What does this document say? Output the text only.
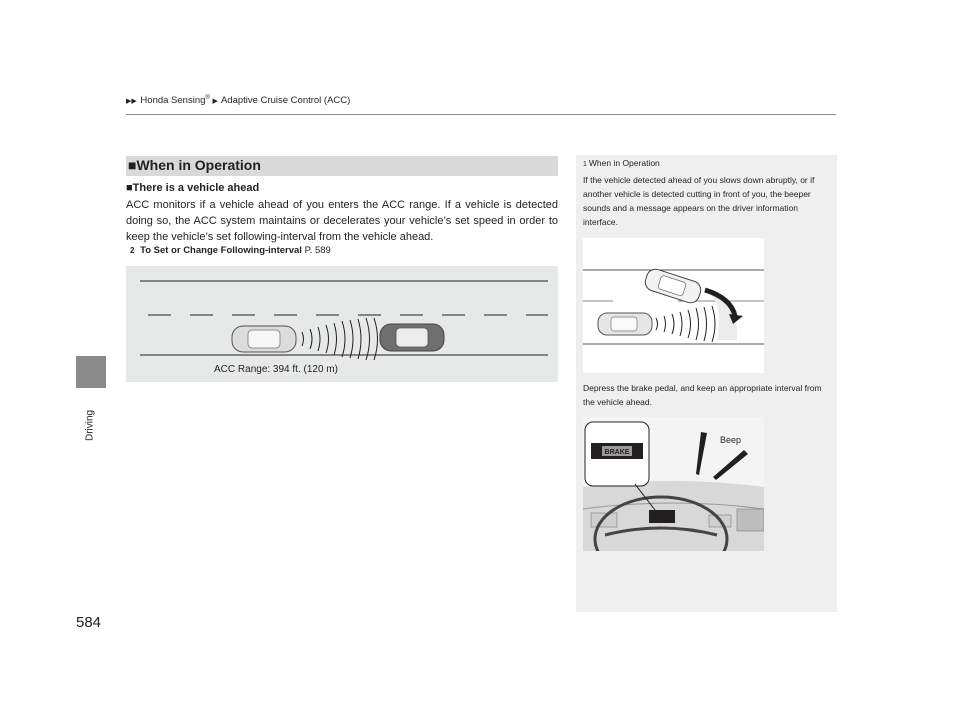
▶▶ Honda Sensing® ▶ Adaptive Cruise Control (ACC)
Driving
584
■When in Operation
■There is a vehicle ahead
ACC monitors if a vehicle ahead of you enters the ACC range. If a vehicle is detected doing so, the ACC system maintains or decelerates your vehicle’s set speed in order to keep the vehicle’s set following-interval from the vehicle ahead.
2 To Set or Change Following-interval P. 589
ACC Range: 394 ft. (120 m)
1 When in Operation
If the vehicle detected ahead of you slows down abruptly, or if another vehicle is detected cutting in front of you, the beeper sounds and a message appears on the driver information interface.
Depress the brake pedal, and keep an appropriate interval from the vehicle ahead.
BRAKE
Beep
